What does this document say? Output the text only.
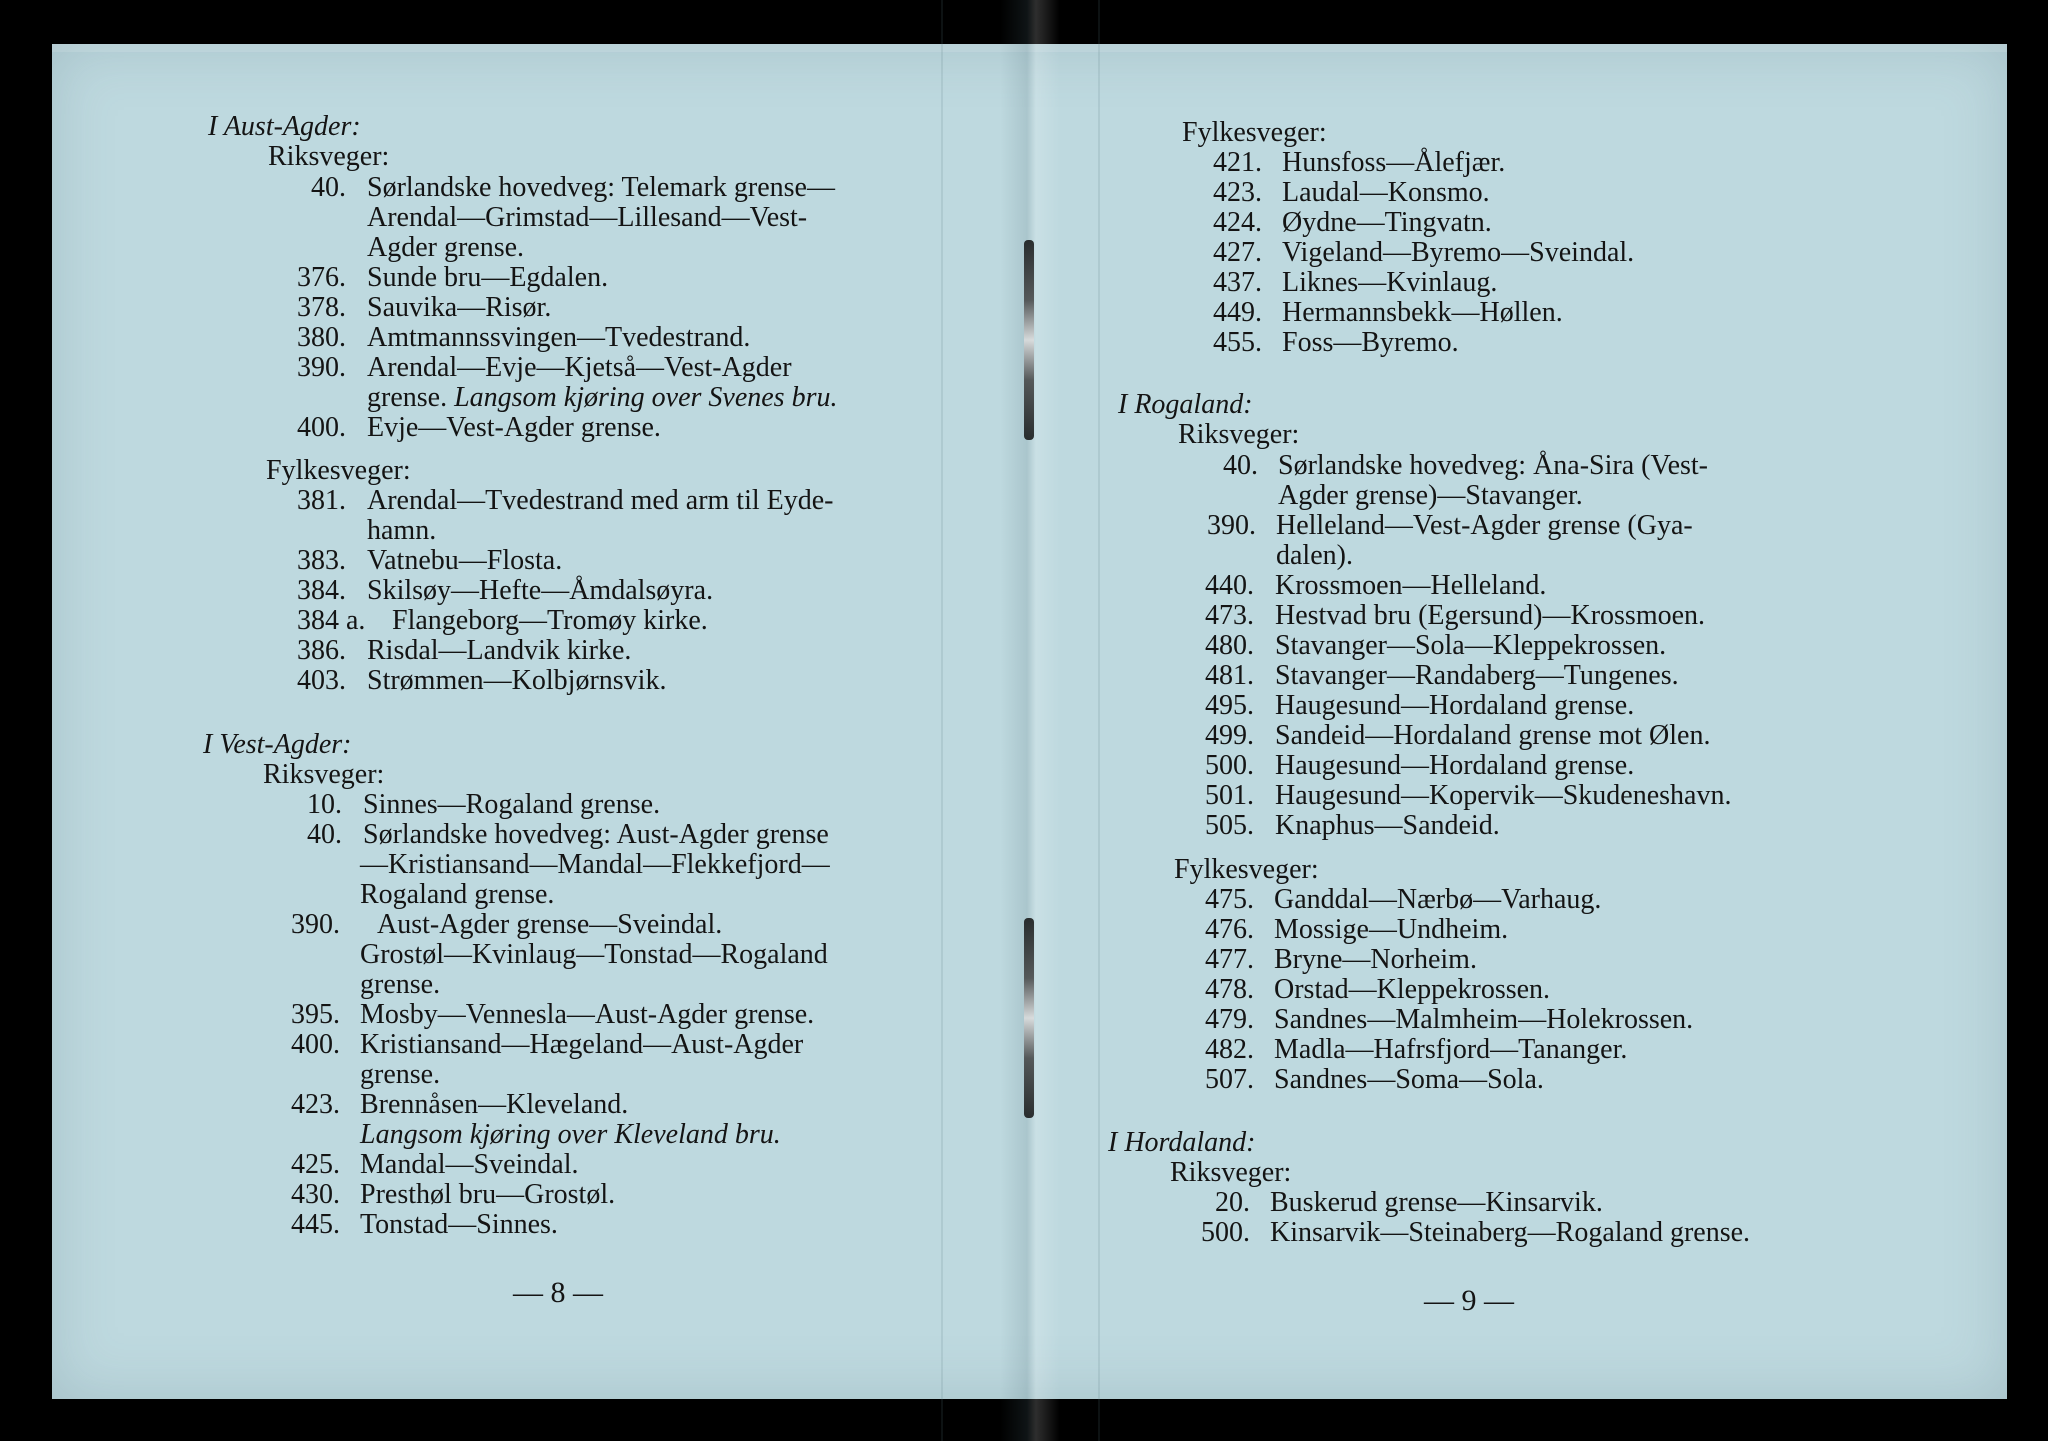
I Aust-Agder:
Riksveger:
40. Sørlandske hovedveg: Telemark grense—
Arendal—Grimstad—Lillesand—Vest-
Agder grense.
376. Sunde bru—Egdalen.
378. Sauvika—Risør.
380. Amtmannssvingen—Tvedestrand.
390. Arendal—Evje—Kjetså—Vest-Agder
grense. Langsom kjøring over Svenes bru.
400. Evje—Vest-Agder grense.
Fylkesveger:
381. Arendal—Tvedestrand med arm til Eyde-
hamn.
383. Vatnebu—Flosta.
384. Skilsøy—Hefte—Åmdalsøyra.
384 a. Flangeborg—Tromøy kirke.
386. Risdal—Landvik kirke.
403. Strømmen—Kolbjørnsvik.
I Vest-Agder:
Riksveger:
10. Sinnes—Rogaland grense.
40. Sørlandske hovedveg: Aust-Agder grense
—Kristiansand—Mandal—Flekkefjord—
Rogaland grense.
390. Aust-Agder grense—Sveindal.
Grostøl—Kvinlaug—Tonstad—Rogaland
grense.
395. Mosby—Vennesla—Aust-Agder grense.
400. Kristiansand—Hægeland—Aust-Agder
grense.
423. Brennåsen—Kleveland.
Langsom kjøring over Kleveland bru.
425. Mandal—Sveindal.
430. Presthøl bru—Grostøl.
445. Tonstad—Sinnes.
— 8 —
Fylkesveger:
421. Hunsfoss—Ålefjær.
423. Laudal—Konsmo.
424. Øydne—Tingvatn.
427. Vigeland—Byremo—Sveindal.
437. Liknes—Kvinlaug.
449. Hermannsbekk—Høllen.
455. Foss—Byremo.
I Rogaland:
Riksveger:
40. Sørlandske hovedveg: Åna-Sira (Vest-
Agder grense)—Stavanger.
390. Helleland—Vest-Agder grense (Gya-
dalen).
440. Krossmoen—Helleland.
473. Hestvad bru (Egersund)—Krossmoen.
480. Stavanger—Sola—Kleppekrossen.
481. Stavanger—Randaberg—Tungenes.
495. Haugesund—Hordaland grense.
499. Sandeid—Hordaland grense mot Ølen.
500. Haugesund—Hordaland grense.
501. Haugesund—Kopervik—Skudeneshavn.
505. Knaphus—Sandeid.
Fylkesveger:
475. Ganddal—Nærbø—Varhaug.
476. Mossige—Undheim.
477. Bryne—Norheim.
478. Orstad—Kleppekrossen.
479. Sandnes—Malmheim—Holekrossen.
482. Madla—Hafrsfjord—Tananger.
507. Sandnes—Soma—Sola.
I Hordaland:
Riksveger:
20. Buskerud grense—Kinsarvik.
500. Kinsarvik—Steinaberg—Rogaland grense.
— 9 —
